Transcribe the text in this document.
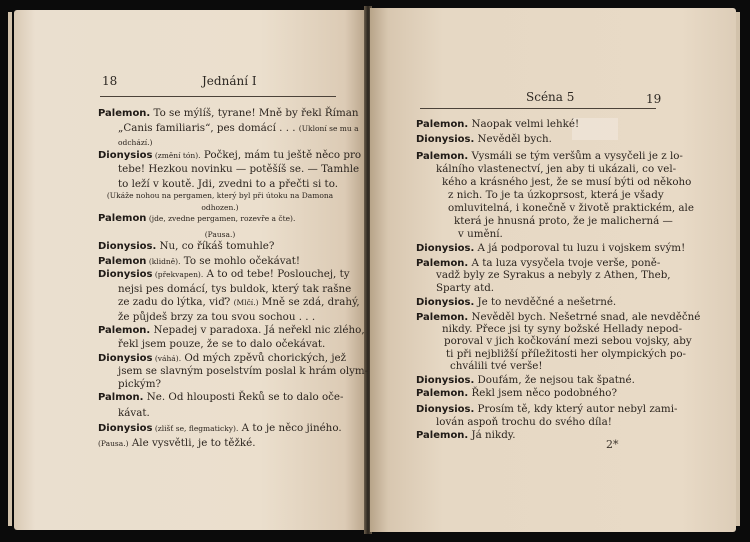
18	Jednání I
Palemon. To se mýlíš, tyrane! Mně by řekl Říman
„Canis familiaris“, pes domácí . . . (Ukloní se mu a
odchází.)
Dionysios (změní tón). Počkej, mám tu ještě něco pro
tebe! Hezkou novinku — potěšíš se. — Tamhle
to leží v koutě. Jdi, zvedni to a přečti si to.
(Ukáže nohou na pergamen, který byl při útoku na Damona
odhozen.)
Palemon (jde, zvedne pergamen, rozevře a čte).
(Pausa.)
Dionysios. Nu, co říkáš tomuhle?
Palemon (klidně). To se mohlo očekávat!
Dionysios (překvapen). A to od tebe! Poslouchej, ty
nejsi pes domácí, tys buldok, který tak rašne
ze zadu do lýtka, viď? (Mlčí.) Mně se zdá, drahý,
že půjdeš brzy za tou svou sochou . . .
Palemon. Nepadej v paradoxa. Já neřekl nic zlého,
řekl jsem pouze, že se to dalo očekávat.
Dionysios (váhá). Od mých zpěvů chorických, jež
jsem se slavným poselstvím poslal k hrám olym-
pickým?
Palmon. Ne. Od hlouposti Řeků se to dalo oče-
kávat.
Dionysios (zlišť se, flegmaticky). A to je něco jiného.
(Pausa.) Ale vysvětli, je to těžké.
Scéna 5	19
Palemon. Naopak velmi lehké!
Dionysios. Nevěděl bych.
Palemon. Vysmáli se tým veršům a vysyčeli je z lo-
kálního vlastenectví, jen aby ti ukázali, co vel-
kého a krásného jest, že se musí býti od někoho
z nich. To je ta úzkoprsost, která je všady
omluvitelná, i konečně v životě praktickém, ale
která je hnusná proto, že je malicherná —
v umění.
Dionysios. A já podporoval tu luzu i vojskem svým!
Palemon. A ta luza vysyčela tvoje verše, poně-
vadž byly ze Syrakus a nebyly z Athen, Theb,
Sparty atd.
Dionysios. Je to nevděčné a nešetrné.
Palemon. Nevěděl bych. Nešetrné snad, ale nevděčné
nikdy. Přece jsi ty syny božské Hellady nepod-
poroval v jich kočkování mezi sebou vojsky, aby
ti při nejbližší příležitosti her olympických po-
chválili tvé verše!
Dionysios. Doufám, že nejsou tak špatné.
Palemon. Řekl jsem něco podobného?
Dionysios. Prosím tě, kdy který autor nebyl zami-
lován aspoň trochu do svého díla!
Palemon. Já nikdy.
2*
